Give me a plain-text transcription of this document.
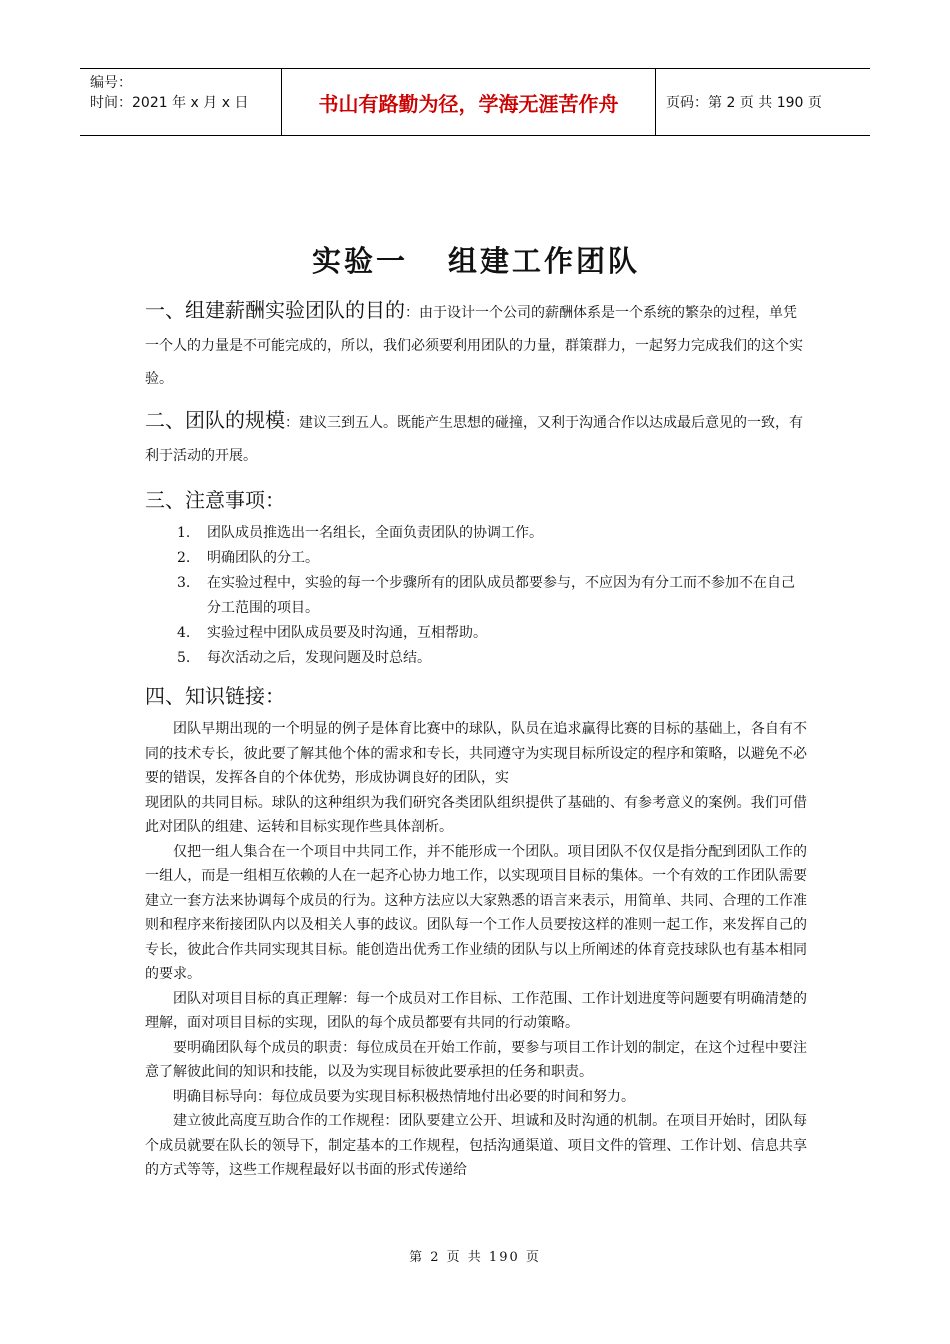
编号：
时间：2021 年 x 月 x 日	书山有路勤为径，学海无涯苦作舟	页码：第 2 页 共 190 页
实验一 组建工作团队

一、组建薪酬实验团队的目的：由于设计一个公司的薪酬体系是一个系统的繁杂的过程，单凭一个人的力量是不可能完成的，所以，我们必须要利用团队的力量，群策群力，一起努力完成我们的这个实验。

二、团队的规模：建议三到五人。既能产生思想的碰撞，又利于沟通合作以达成最后意见的一致，有利于活动的开展。

三、注意事项：
1.	团队成员推选出一名组长，全面负责团队的协调工作。
2.	明确团队的分工。
3.	在实验过程中，实验的每一个步骤所有的团队成员都要参与，不应因为有分工而不参加不在自己分工范围的项目。
4.	实验过程中团队成员要及时沟通，互相帮助。
5.	每次活动之后，发现问题及时总结。
四、知识链接：

团队早期出现的一个明显的例子是体育比赛中的球队，队员在追求赢得比赛的目标的基础上，各自有不同的技术专长，彼此要了解其他个体的需求和专长，共同遵守为实现目标所设定的程序和策略，以避免不必要的错误，发挥各自的个体优势，形成协调良好的团队，实

现团队的共同目标。球队的这种组织为我们研究各类团队组织提供了基础的、有参考意义的案例。我们可借此对团队的组建、运转和目标实现作些具体剖析。

仅把一组人集合在一个项目中共同工作，并不能形成一个团队。项目团队不仅仅是指分配到团队工作的一组人，而是一组相互依赖的人在一起齐心协力地工作，以实现项目目标的集体。一个有效的工作团队需要建立一套方法来协调每个成员的行为。这种方法应以大家熟悉的语言来表示，用简单、共同、合理的工作准则和程序来衔接团队内以及相关人事的歧议。团队每一个工作人员要按这样的准则一起工作，来发挥自己的专长，彼此合作共同实现其目标。能创造出优秀工作业绩的团队与以上所阐述的体育竞技球队也有基本相同的要求。

团队对项目目标的真正理解：每一个成员对工作目标、工作范围、工作计划进度等问题要有明确清楚的理解，面对项目目标的实现，团队的每个成员都要有共同的行动策略。

要明确团队每个成员的职责：每位成员在开始工作前，要参与项目工作计划的制定，在这个过程中要注意了解彼此间的知识和技能，以及为实现目标彼此要承担的任务和职责。

明确目标导向：每位成员要为实现目标积极热情地付出必要的时间和努力。

建立彼此高度互助合作的工作规程：团队要建立公开、坦诚和及时沟通的机制。在项目开始时，团队每个成员就要在队长的领导下，制定基本的工作规程，包括沟通渠道、项目文件的管理、工作计划、信息共享的方式等等，这些工作规程最好以书面的形式传递给

第 2 页 共 190 页
